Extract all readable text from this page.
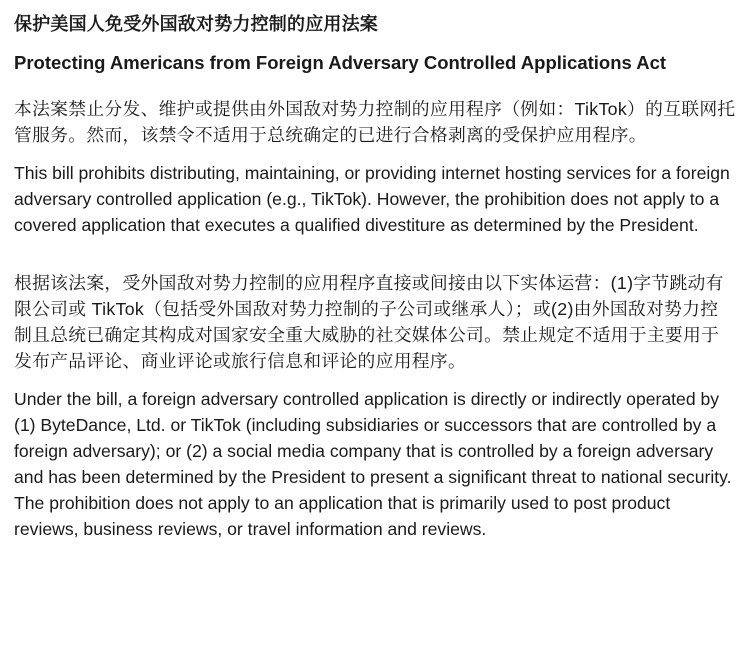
保护美国人免受外国敌对势力控制的应用法案
Protecting Americans from Foreign Adversary Controlled Applications Act

本法案禁止分发、维护或提供由外国敌对势力控制的应用程序（例如：TikTok）的互联网托管服务。然而，该禁令不适用于总统确定的已进行合格剥离的受保护应用程序。

This bill prohibits distributing, maintaining, or providing internet hosting services for a foreign adversary controlled application (e.g., TikTok). However, the prohibition does not apply to a covered application that executes a qualified divestiture as determined by the President.

根据该法案，受外国敌对势力控制的应用程序直接或间接由以下实体运营：(1)字节跳动有限公司或 TikTok（包括受外国敌对势力控制的子公司或继承人）；或(2)由外国敌对势力控制且总统已确定其构成对国家安全重大威胁的社交媒体公司。禁止规定不适用于主要用于发布产品评论、商业评论或旅行信息和评论的应用程序。

Under the bill, a foreign adversary controlled application is directly or indirectly operated by (1) ByteDance, Ltd. or TikTok (including subsidiaries or successors that are controlled by a foreign adversary); or (2) a social media company that is controlled by a foreign adversary and has been determined by the President to present a significant threat to national security. The prohibition does not apply to an application that is primarily used to post product reviews, business reviews, or travel information and reviews.
